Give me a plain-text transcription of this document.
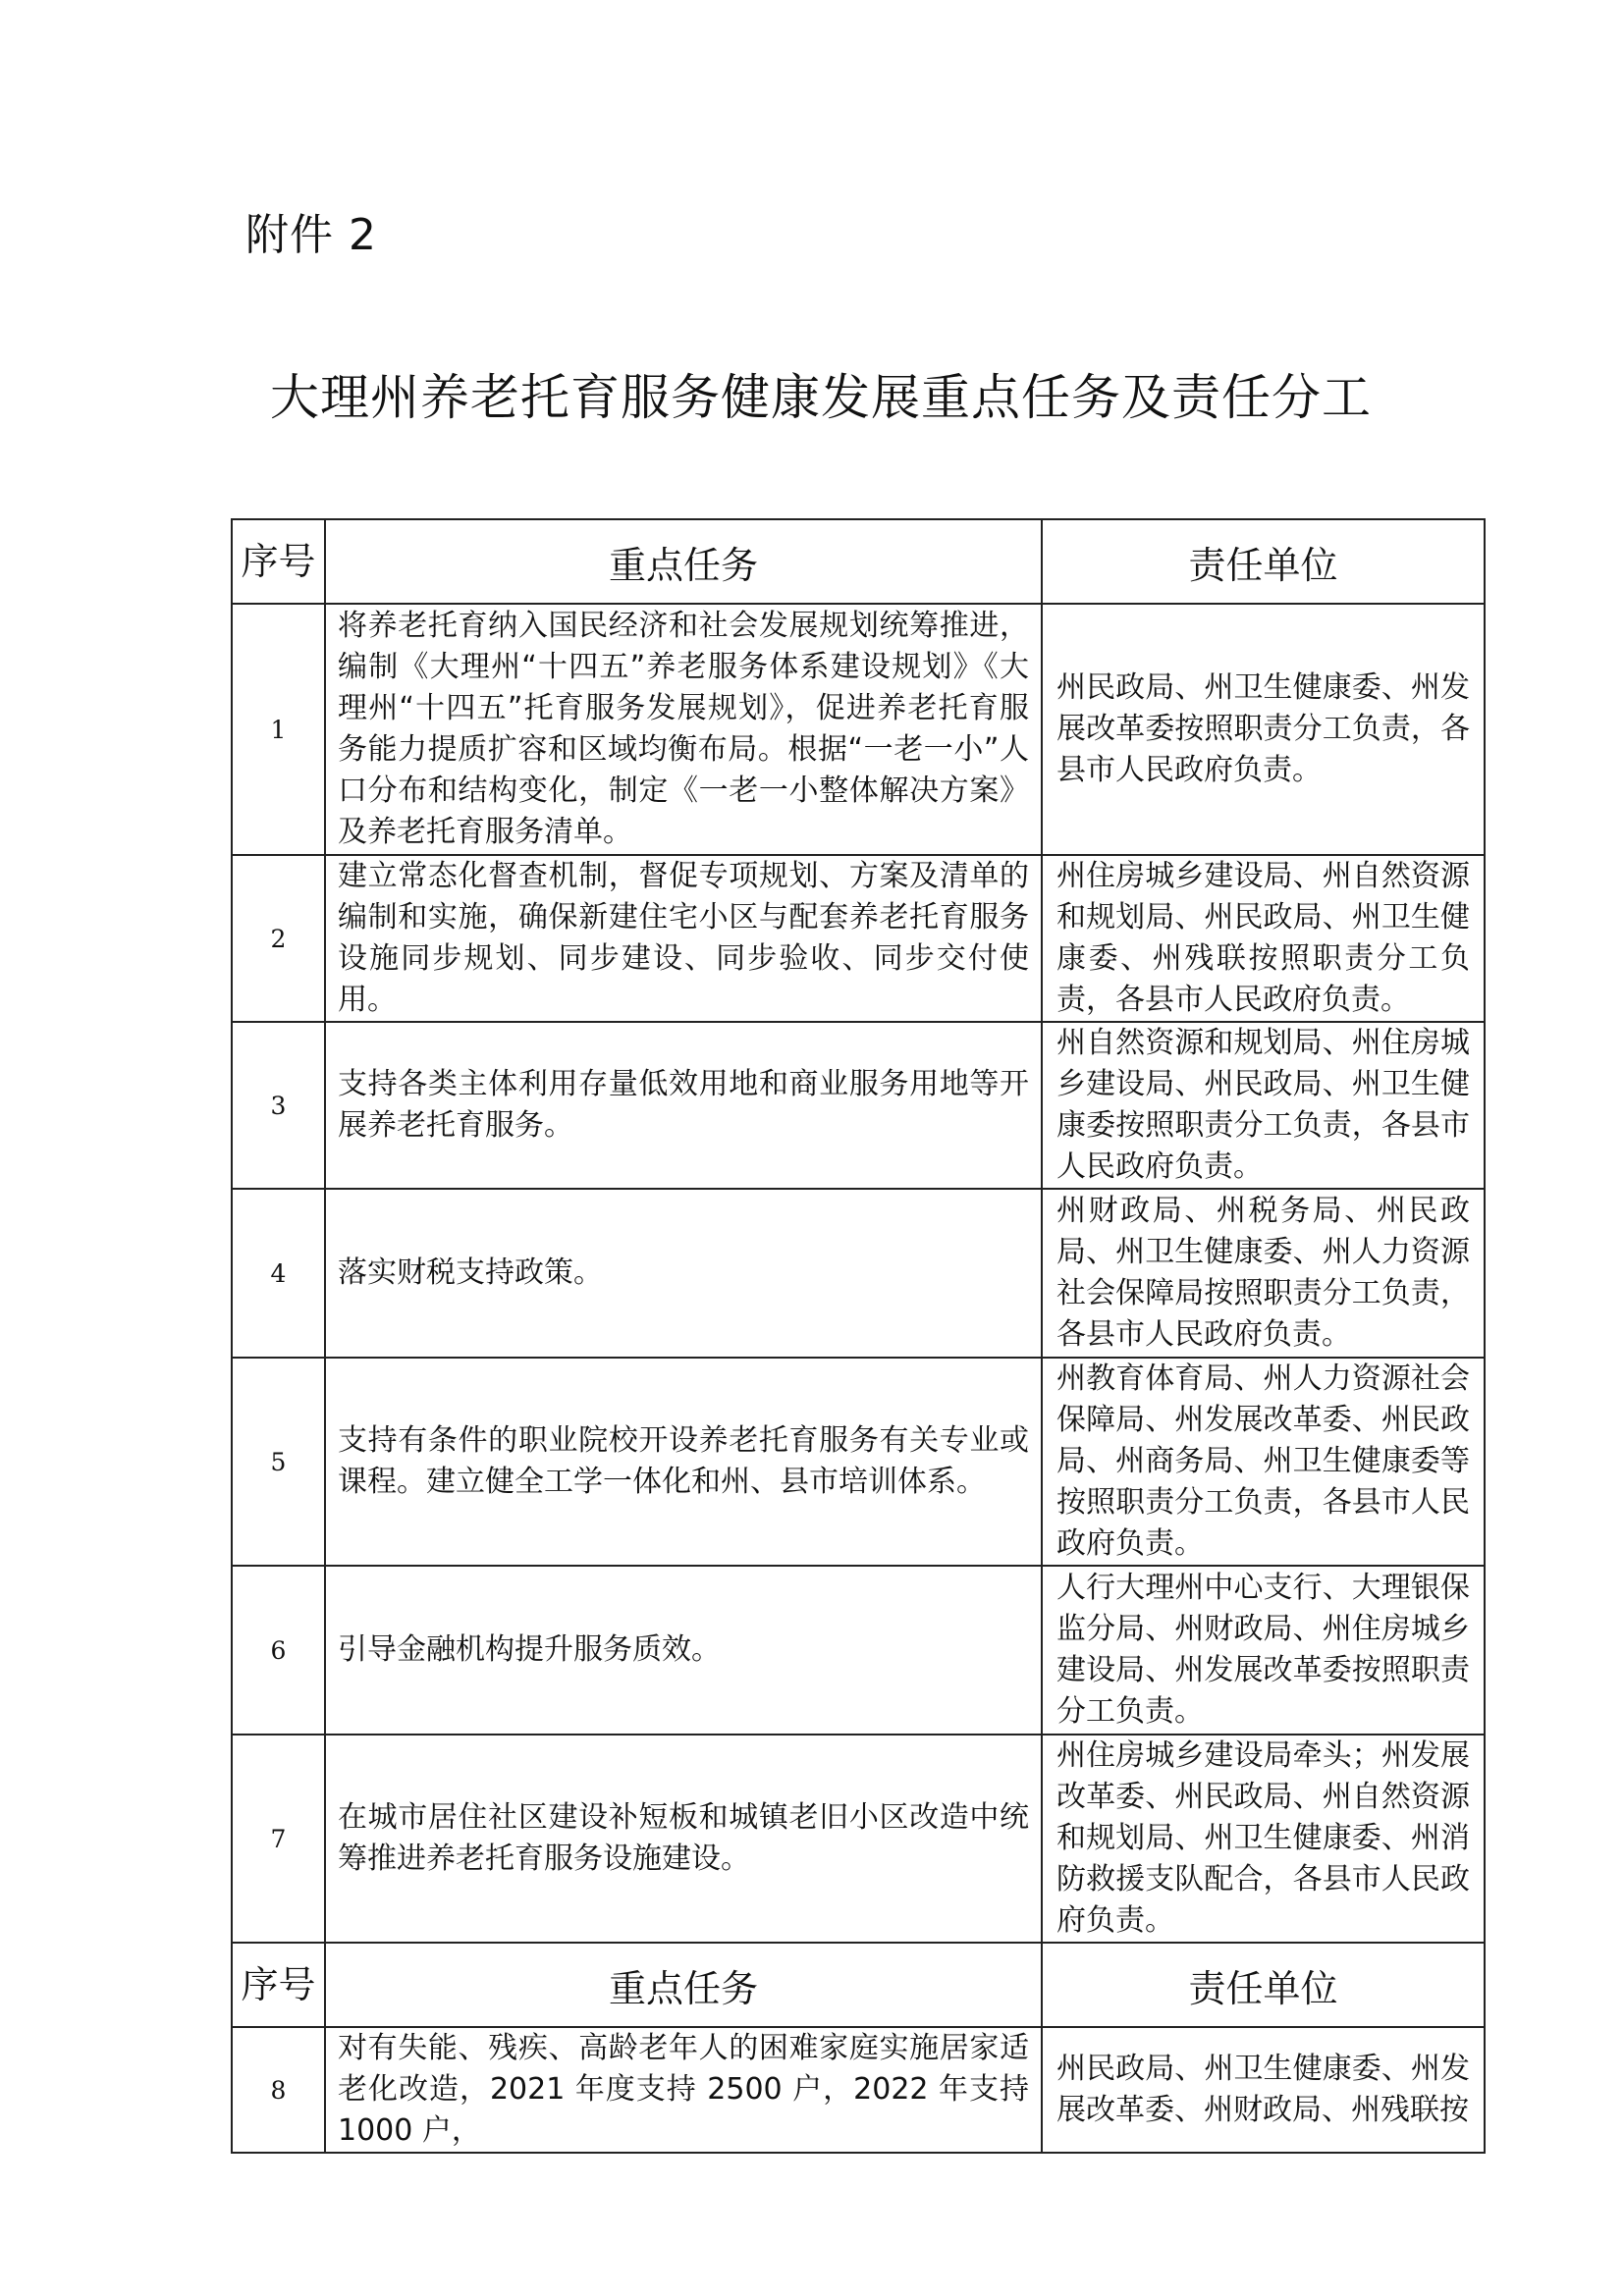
附件 2
大理州养老托育服务健康发展重点任务及责任分工
序号	重点任务	责任单位
1	将养老托育纳入国民经济和社会发展规划统筹推进，编制《大理州“十四五”养老服务体系建设规划》《大理州“十四五”托育服务发展规划》，促进养老托育服务能力提质扩容和区域均衡布局。根据“一老一小”人口分布和结构变化，制定《一老一小整体解决方案》及养老托育服务清单。	州民政局、州卫生健康委、州发展改革委按照职责分工负责，各县市人民政府负责。
2	建立常态化督查机制，督促专项规划、方案及清单的编制和实施，确保新建住宅小区与配套养老托育服务设施同步规划、同步建设、同步验收、同步交付使用。	州住房城乡建设局、州自然资源和规划局、州民政局、州卫生健康委、州残联按照职责分工负责，各县市人民政府负责。
3	支持各类主体利用存量低效用地和商业服务用地等开展养老托育服务。	州自然资源和规划局、州住房城乡建设局、州民政局、州卫生健康委按照职责分工负责，各县市人民政府负责。
4	落实财税支持政策。	州财政局、州税务局、州民政局、州卫生健康委、州人力资源社会保障局按照职责分工负责，各县市人民政府负责。
5	支持有条件的职业院校开设养老托育服务有关专业或课程。建立健全工学一体化和州、县市培训体系。	州教育体育局、州人力资源社会保障局、州发展改革委、州民政局、州商务局、州卫生健康委等按照职责分工负责，各县市人民政府负责。
6	引导金融机构提升服务质效。	人行大理州中心支行、大理银保监分局、州财政局、州住房城乡建设局、州发展改革委按照职责分工负责。
7	在城市居住社区建设补短板和城镇老旧小区改造中统筹推进养老托育服务设施建设。	州住房城乡建设局牵头；州发展改革委、州民政局、州自然资源和规划局、州卫生健康委、州消防救援支队配合，各县市人民政府负责。
序号	重点任务	责任单位
8	对有失能、残疾、高龄老年人的困难家庭实施居家适老化改造，2021 年度支持 2500 户，2022 年支持 1000 户，	州民政局、州卫生健康委、州发展改革委、州财政局、州残联按
